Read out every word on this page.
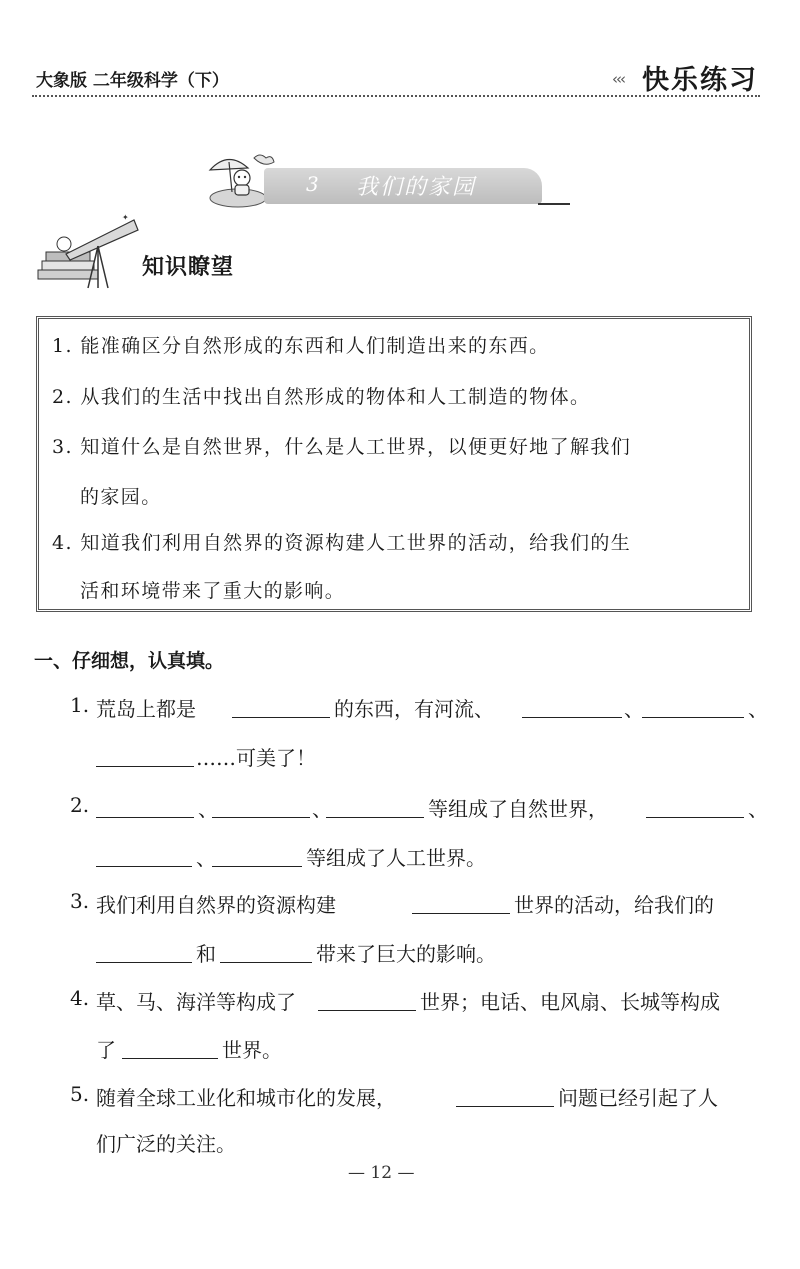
大象版 二年级科学（下）	‹‹‹ 快乐练习
3 我们的家园
✦
知识瞭望
1. 能准确区分自然形成的东西和人们制造出来的东西。
2. 从我们的生活中找出自然形成的物体和人工制造的物体。
3. 知道什么是自然世界，什么是人工世界，以便更好地了解我们
的家园。
4. 知道我们利用自然界的资源构建人工世界的活动，给我们的生
活和环境带来了重大的影响。
一、仔细想，认真填。
1. 荒岛上都是	的东西，有河流、	、	、
……可美了！
2.	、	、	等组成了自然世界，	、
、	等组成了人工世界。
3. 我们利用自然界的资源构建	世界的活动，给我们的
和	带来了巨大的影响。
4. 草、马、海洋等构成了	世界；电话、电风扇、长城等构成
了	世界。
5. 随着全球工业化和城市化的发展，	问题已经引起了人
们广泛的关注。
— 12 —
